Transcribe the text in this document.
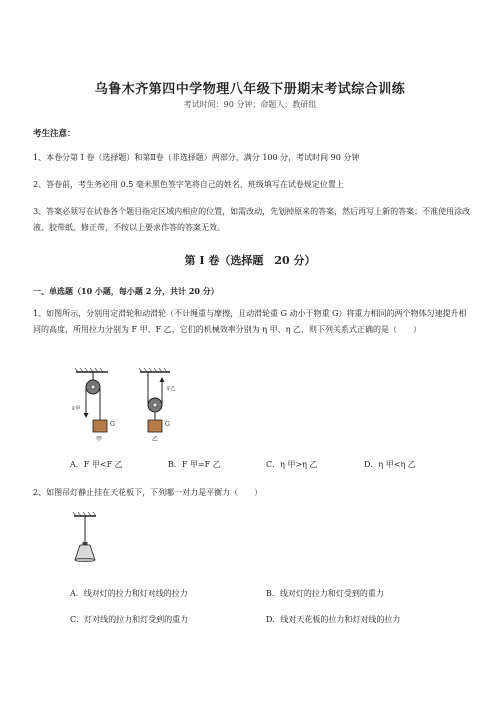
乌鲁木齐第四中学物理八年级下册期末考试综合训练
考试时间：90 分钟；命题人：教研组
考生注意：
1、本卷分第 I 卷（选择题）和第Ⅱ卷（非选择题）两部分，满分 100 分，考试时间 90 分钟
2、答卷前，考生务必用 0.5 毫米黑色签字笔将自己的姓名、班级填写在试卷规定位置上
3、答案必须写在试卷各个题目指定区域内相应的位置，如需改动，先划掉原来的答案，然后再写上新的答案；不准使用涂改液、胶带纸、修正带，不按以上要求作答的答案无效。
第 I 卷（选择题　20 分）
一、单选题（10 小题，每小题 2 分，共计 20 分）
1、如图所示，分别用定滑轮和动滑轮（不计绳重与摩擦，且动滑轮重 G 动小于物重 G）将重力相同的两个物体匀速提升相同的高度，所用拉力分别为 F 甲、F 乙，它们的机械效率分别为 η 甲、η 乙，则下列关系式正确的是（　　）
F甲
G
甲
F乙
G
乙
A．F 甲<F 乙	B．F 甲=F 乙	C．η 甲>η 乙	D．η 甲<η 乙
2、如图吊灯静止挂在天花板下，下列哪一对力是平衡力（　　）
A．线对灯的拉力和灯对线的拉力	B．线对灯的拉力和灯受到的重力
C．灯对线的拉力和灯受到的重力	D．线对天花板的拉力和灯对线的拉力
